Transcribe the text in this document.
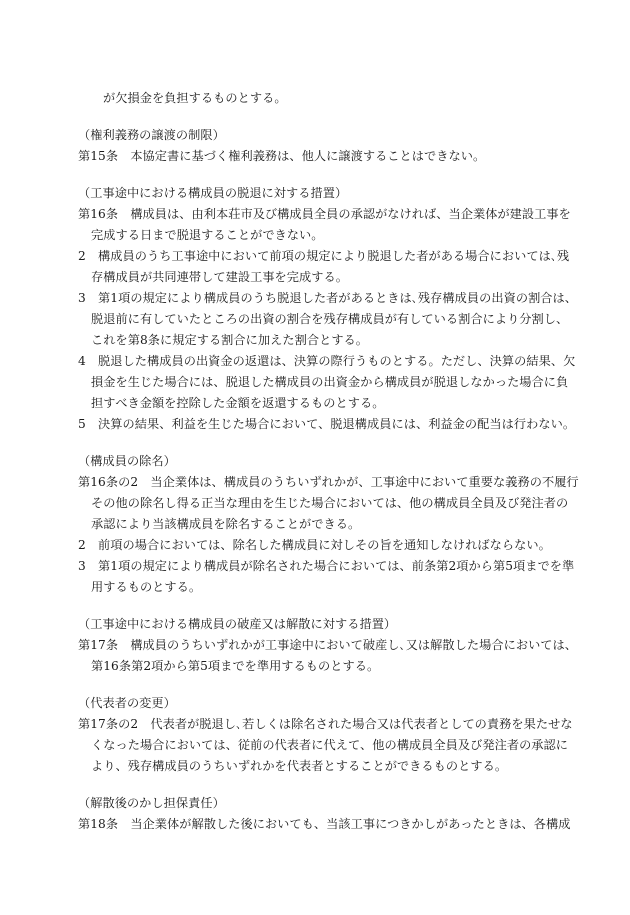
が欠損金を負担するものとする。
（権利義務の譲渡の制限）
第15条　本協定書に基づく権利義務は、他人に譲渡することはできない。
（工事途中における構成員の脱退に対する措置）
第16条　構成員は、由利本荘市及び構成員全員の承認がなければ、当企業体が建設工事を
完成する日まで脱退することができない。
2　構成員のうち工事途中において前項の規定により脱退した者がある場合においては､残
存構成員が共同連帯して建設工事を完成する。
3　第1項の規定により構成員のうち脱退した者があるときは､残存構成員の出資の割合は、
脱退前に有していたところの出資の割合を残存構成員が有している割合により分割し、
これを第8条に規定する割合に加えた割合とする。
4　脱退した構成員の出資金の返還は、決算の際行うものとする。ただし、決算の結果、欠
損金を生じた場合には、脱退した構成員の出資金から構成員が脱退しなかった場合に負
担すべき金額を控除した金額を返還するものとする。
5　決算の結果、利益を生じた場合において、脱退構成員には、利益金の配当は行わない。
（構成員の除名）
第16条の2　当企業体は、構成員のうちいずれかが、工事途中において重要な義務の不履行
その他の除名し得る正当な理由を生じた場合においては、他の構成員全員及び発注者の
承認により当該構成員を除名することができる。
2　前項の場合においては、除名した構成員に対しその旨を通知しなければならない。
3　第1項の規定により構成員が除名された場合においては、前条第2項から第5項までを準
用するものとする。
（工事途中における構成員の破産又は解散に対する措置）
第17条　構成員のうちいずれかが工事途中において破産し､又は解散した場合においては、
第16条第2項から第5項までを準用するものとする。
（代表者の変更）
第17条の2　代表者が脱退し､若しくは除名された場合又は代表者としての責務を果たせな
くなった場合においては、従前の代表者に代えて、他の構成員全員及び発注者の承認に
より、残存構成員のうちいずれかを代表者とすることができるものとする。
（解散後のかし担保責任）
第18条　当企業体が解散した後においても、当該工事につきかしがあったときは、各構成
